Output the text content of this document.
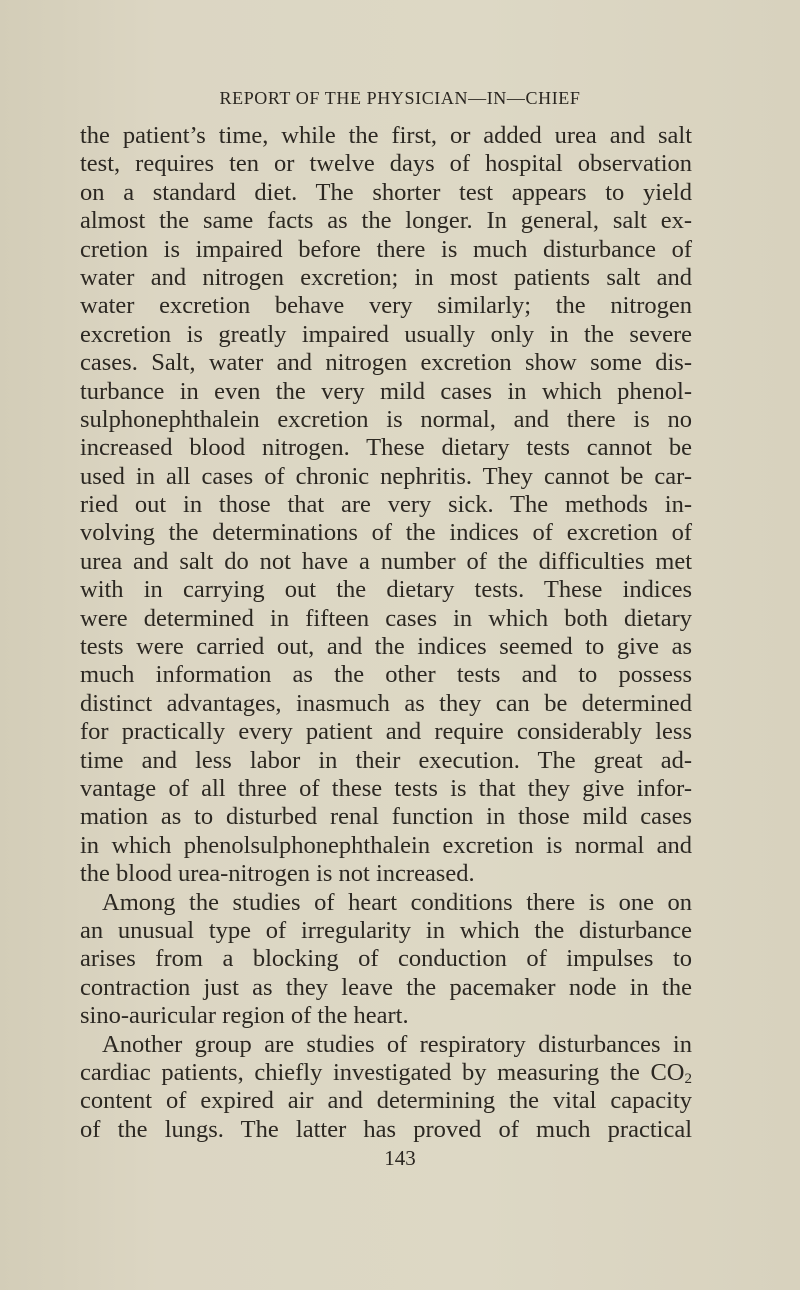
REPORT OF THE PHYSICIAN—IN—CHIEF
the patient’s time, while the first, or added urea and salt
test, requires ten or twelve days of hospital observation
on a standard diet. The shorter test appears to yield
almost the same facts as the longer. In general, salt ex-
cretion is impaired before there is much disturbance of
water and nitrogen excretion; in most patients salt and
water excretion behave very similarly; the nitrogen
excretion is greatly impaired usually only in the severe
cases. Salt, water and nitrogen excretion show some dis-
turbance in even the very mild cases in which phenol-
sulphonephthalein excretion is normal, and there is no
increased blood nitrogen. These dietary tests cannot be
used in all cases of chronic nephritis. They cannot be car-
ried out in those that are very sick. The methods in-
volving the determinations of the indices of excretion of
urea and salt do not have a number of the difficulties met
with in carrying out the dietary tests. These indices
were determined in fifteen cases in which both dietary
tests were carried out, and the indices seemed to give as
much information as the other tests and to possess
distinct advantages, inasmuch as they can be determined
for practically every patient and require considerably less
time and less labor in their execution. The great ad-
vantage of all three of these tests is that they give infor-
mation as to disturbed renal function in those mild cases
in which phenolsulphonephthalein excretion is normal and
the blood urea-nitrogen is not increased.
Among the studies of heart conditions there is one on
an unusual type of irregularity in which the disturbance
arises from a blocking of conduction of impulses to
contraction just as they leave the pacemaker node in the
sino-auricular region of the heart.
Another group are studies of respiratory disturbances in
cardiac patients, chiefly investigated by measuring the $CO_2$
content of expired air and determining the vital capacity
of the lungs. The latter has proved of much practical
143
